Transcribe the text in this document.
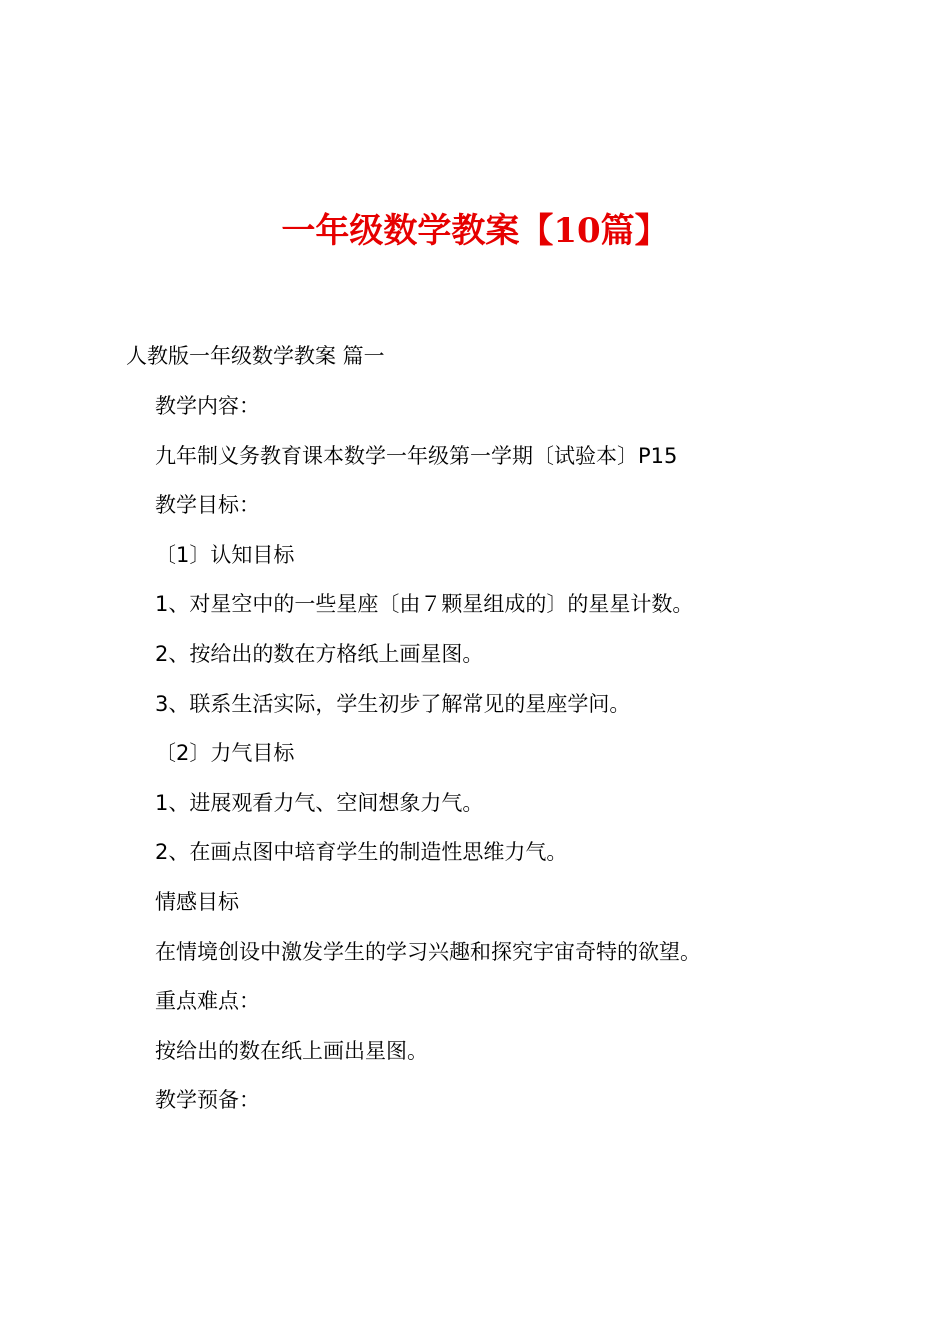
一年级数学教案【10篇】

人教版一年级数学教案 篇一

教学内容：
九年制义务教育课本数学一年级第一学期〔试验本〕P15
教学目标：
〔1〕认知目标
1、对星空中的一些星座〔由７颗星组成的〕的星星计数。
2、按给出的数在方格纸上画星图。
3、联系生活实际，学生初步了解常见的星座学问。
〔2〕力气目标
1、进展观看力气、空间想象力气。
2、在画点图中培育学生的制造性思维力气。
情感目标
在情境创设中激发学生的学习兴趣和探究宇宙奇特的欲望。
重点难点：
按给出的数在纸上画出星图。
教学预备：
